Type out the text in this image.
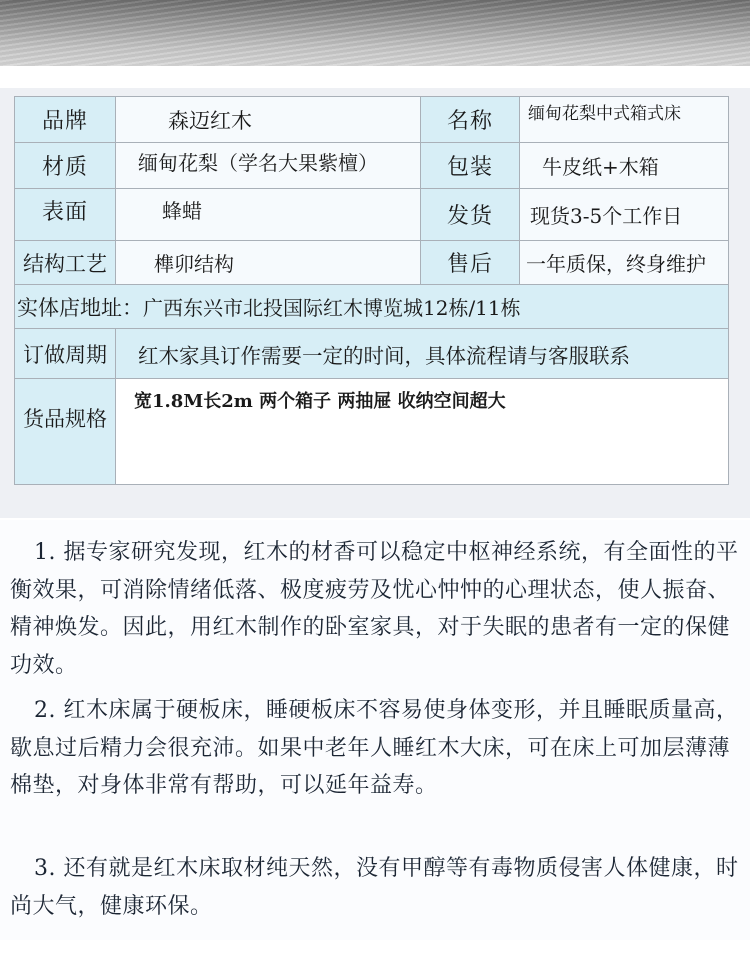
品牌	森迈红木	名称	缅甸花梨中式箱式床
材质	缅甸花梨（学名大果紫檀）	包装	牛皮纸+木箱
表面	蜂蜡	发货	现货3-5个工作日
结构工艺	榫卯结构	售后	一年质保，终身维护
实体店地址：广西东兴市北投国际红木博览城12栋/11栋			
订做周期	红木家具订作需要一定的时间，具体流程请与客服联系		
货品规格	宽1.8M长2m 两个箱子 两抽屉 收纳空间超大		

1. 据专家研究发现，红木的材香可以稳定中枢神经系统，有全面性的平衡效果，可消除情绪低落、极度疲劳及忧心忡忡的心理状态，使人振奋、精神焕发。因此，用红木制作的卧室家具，对于失眠的患者有一定的保健功效。

2. 红木床属于硬板床，睡硬板床不容易使身体变形，并且睡眠质量高，歇息过后精力会很充沛。如果中老年人睡红木大床，可在床上可加层薄薄棉垫，对身体非常有帮助，可以延年益寿。

3. 还有就是红木床取材纯天然，没有甲醇等有毒物质侵害人体健康，时尚大气，健康环保。
